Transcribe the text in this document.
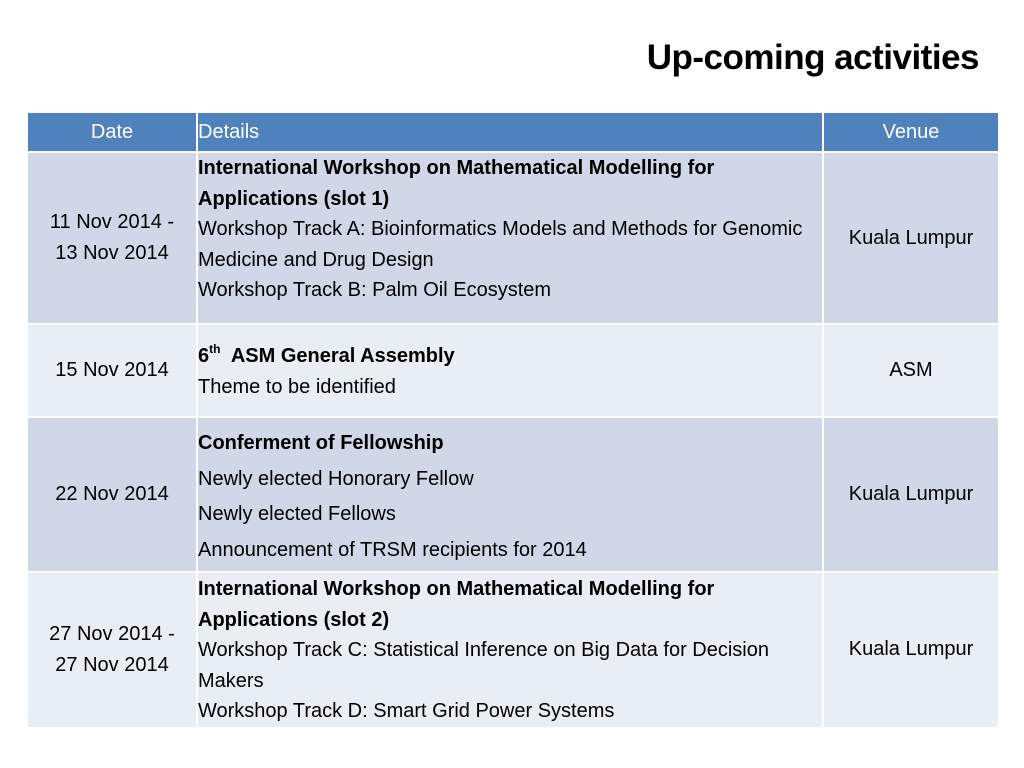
Up-coming activities
Date	Details	Venue

11 Nov 2014 -
13 Nov 2014	International Workshop on Mathematical Modelling for Applications (slot 1)
Workshop Track A: Bioinformatics Models and Methods for Genomic Medicine and Drug Design
Workshop Track B: Palm Oil Ecosystem	Kuala Lumpur

15 Nov 2014	6th ASM General Assembly
Theme to be identified	ASM

22 Nov 2014	Conferment of Fellowship
Newly elected Honorary Fellow
Newly elected Fellows
Announcement of TRSM recipients for 2014	Kuala Lumpur

27 Nov 2014 -
27 Nov 2014	International Workshop on Mathematical Modelling for Applications (slot 2)
Workshop Track C: Statistical Inference on Big Data for Decision Makers
Workshop Track D: Smart Grid Power Systems	Kuala Lumpur
